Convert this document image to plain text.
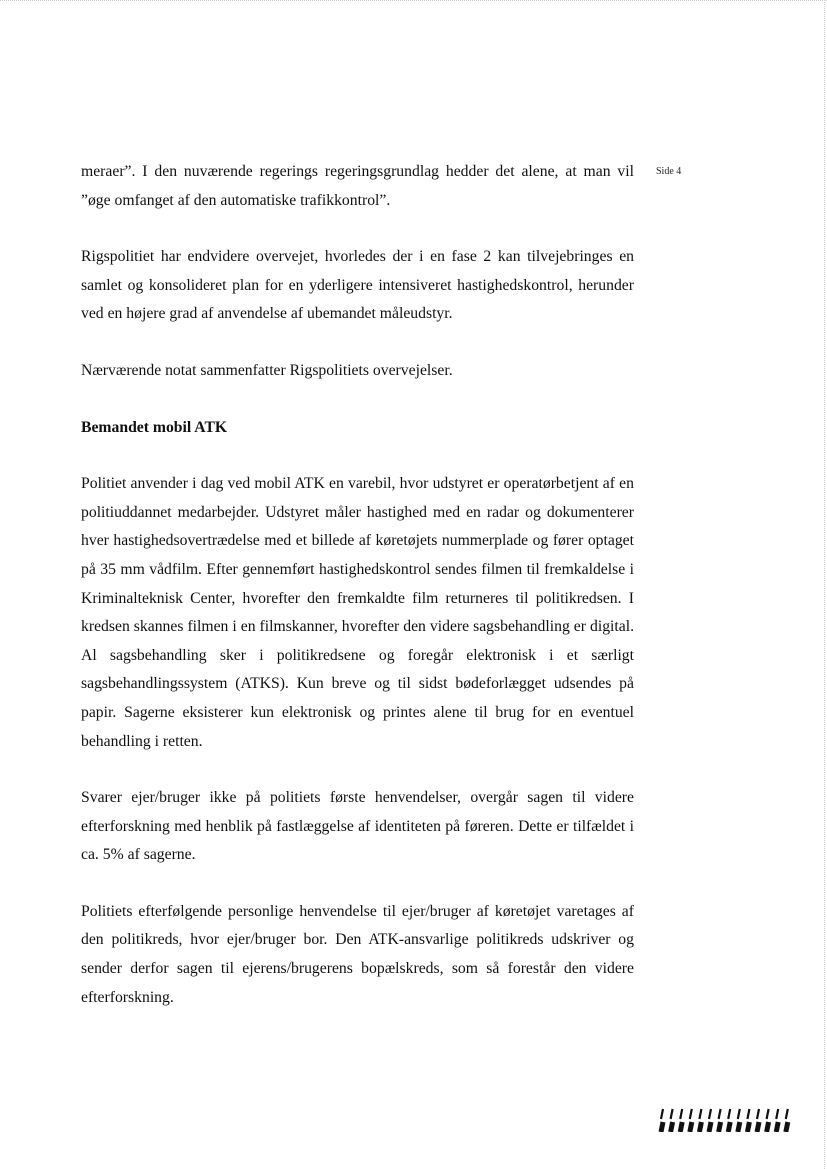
Side 4

meraer”. I den nuværende regerings regeringsgrundlag hedder det alene, at man vil ”øge omfanget af den automatiske trafikkontrol”.

Rigspolitiet har endvidere overvejet, hvorledes der i en fase 2 kan tilvejebringes en samlet og konsolideret plan for en yderligere intensiveret hastighedskontrol, herunder ved en højere grad af anvendelse af ubemandet måleudstyr.

Nærværende notat sammenfatter Rigspolitiets overvejelser.

Bemandet mobil ATK

Politiet anvender i dag ved mobil ATK en varebil, hvor udstyret er operatørbetjent af en politiuddannet medarbejder. Udstyret måler hastighed med en radar og dokumenterer hver hastighedsovertrædelse med et billede af køretøjets nummerplade og fører optaget på 35 mm vådfilm. Efter gennemført hastighedskontrol sendes filmen til fremkaldelse i Kriminalteknisk Center, hvorefter den fremkaldte film returneres til politikredsen. I kredsen skannes filmen i en filmskanner, hvorefter den videre sagsbehandling er digital. Al sagsbehandling sker i politikredsene og foregår elektronisk i et særligt sagsbehandlingssystem (ATKS). Kun breve og til sidst bødeforlægget udsendes på papir. Sagerne eksisterer kun elektronisk og printes alene til brug for en eventuel behandling i retten.

Svarer ejer/bruger ikke på politiets første henvendelser, overgår sagen til videre efterforskning med henblik på fastlæggelse af identiteten på føreren. Dette er tilfældet i ca. 5% af sagerne.

Politiets efterfølgende personlige henvendelse til ejer/bruger af køretøjet varetages af den politikreds, hvor ejer/bruger bor. Den ATK-ansvarlige politikreds udskriver og sender derfor sagen til ejerens/brugerens bopælskreds, som så forestår den videre efterforskning.
